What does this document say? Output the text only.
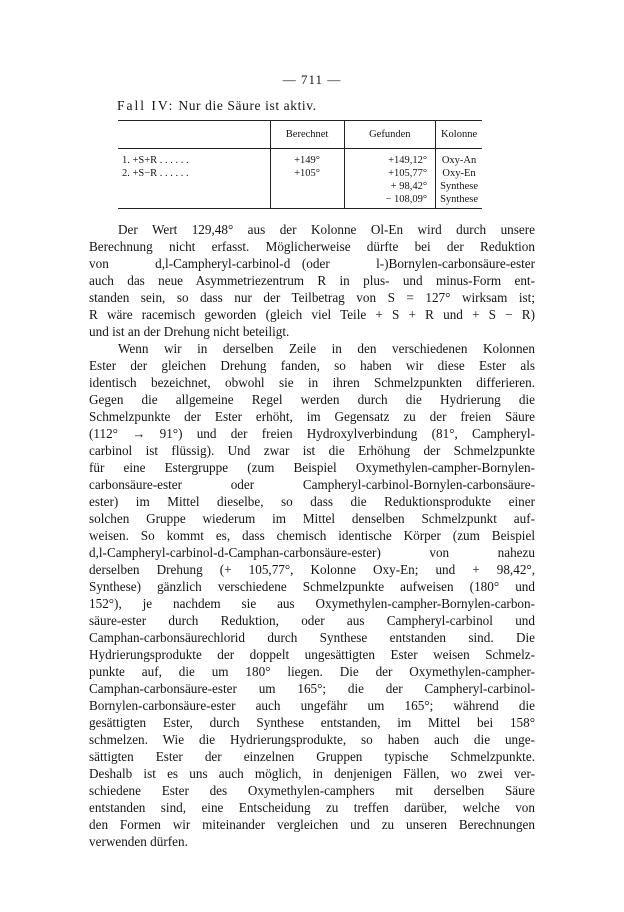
— 711 —
Fall IV: Nur die Säure ist aktiv.
	Berechnet	Gefunden	Kolonne
1. +S+R . . . . . .	+149°	+149,12°	Oxy-An
2. +S−R . . . . . .	+105°	+105,77°	Oxy-En
		+ 98,42°	Synthese
		− 108,09°	Synthese

Der Wert 129,48° aus der Kolonne Ol-En wird durch unsere

Berechnung nicht erfasst. Möglicherweise dürfte bei der Reduktion

von    d,l-Campheryl-carbinol-d (oder    l-)Bornylen-carbonsäure-ester

auch das neue Asymmetriezentrum R in plus- und minus-Form ent-

standen sein, so dass nur der Teilbetrag von S = 127° wirksam ist;

R wäre racemisch geworden (gleich viel Teile + S + R und + S − R)

und ist an der Drehung nicht beteiligt.

Wenn wir in derselben Zeile in den verschiedenen Kolonnen

Ester der gleichen Drehung fanden, so haben wir diese Ester als

identisch bezeichnet, obwohl sie in ihren Schmelzpunkten differieren.

Gegen die allgemeine Regel werden durch die Hydrierung die

Schmelzpunkte der Ester erhöht, im Gegensatz zu der freien Säure

(112° → 91°) und der freien Hydroxylverbindung (81°, Campheryl-

carbinol ist flüssig). Und zwar ist die Erhöhung der Schmelzpunkte

für eine Estergruppe (zum Beispiel Oxymethylen-campher-Bornylen-

carbonsäure-ester oder Campheryl-carbinol-Bornylen-carbonsäure-

ester) im Mittel dieselbe, so dass die Reduktionsprodukte einer

solchen Gruppe wiederum im Mittel denselben Schmelzpunkt auf-

weisen. So kommt es, dass chemisch identische Körper (zum Beispiel

d,l-Campheryl-carbinol-d-Camphan-carbonsäure-ester) von nahezu

derselben Drehung (+ 105,77°, Kolonne Oxy-En; und + 98,42°,

Synthese) gänzlich verschiedene Schmelzpunkte aufweisen (180° und

152°), je nachdem sie aus Oxymethylen-campher-Bornylen-carbon-

säure-ester durch Reduktion, oder aus Campheryl-carbinol und

Camphan-carbonsäurechlorid durch Synthese entstanden sind. Die

Hydrierungsprodukte der doppelt ungesättigten Ester weisen Schmelz-

punkte auf, die um 180° liegen. Die der Oxymethylen-campher-

Camphan-carbonsäure-ester um 165°; die der Campheryl-carbinol-

Bornylen-carbonsäure-ester auch ungefähr um 165°; während die

gesättigten Ester, durch Synthese entstanden, im Mittel bei 158°

schmelzen. Wie die Hydrierungsprodukte, so haben auch die unge-

sättigten Ester der einzelnen Gruppen typische Schmelzpunkte.

Deshalb ist es uns auch möglich, in denjenigen Fällen, wo zwei ver-

schiedene Ester des Oxymethylen-camphers mit derselben Säure

entstanden sind, eine Entscheidung zu treffen darüber, welche von

den Formen wir miteinander vergleichen und zu unseren Berechnungen

verwenden dürfen.
